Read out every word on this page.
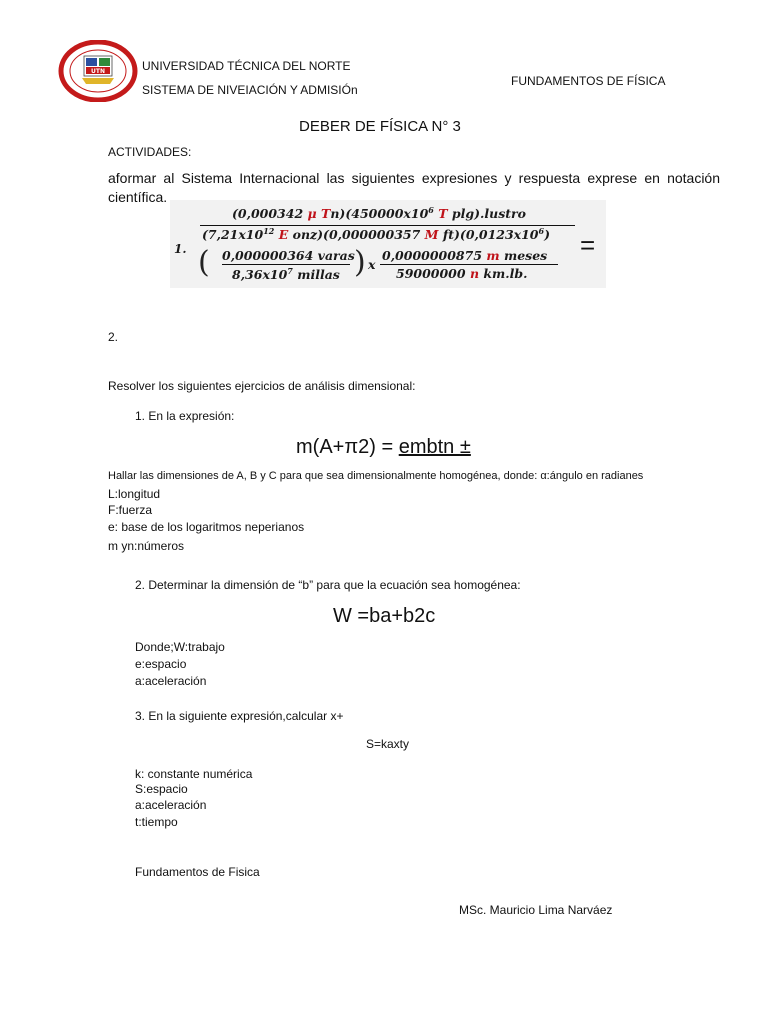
UTN	UNIVERSIDAD TÉCNICA DEL NORTE
SISTEMA DE NIVEIACIÓN Y ADMISIÓn
FUNDAMENTOS DE FÍSICA
DEBER DE FÍSICA N° 3
ACTIVIDADES:
aformar al Sistema Internacional las siguientes expresiones y respuesta exprese en notación científica.
1.
(0,000342 μ $Tn)(450000x10^6$ T plg).lustro
($7,21x10^{12}$ E onz)(0,000000357 M $ft)(0,0123x10^6)$
( 0,000000364 varas
$8,36x10^7$ millas ) x
0,0000000875 m meses
59000000 n km.lb.
=
2.
Resolver los siguientes ejercicios de análisis dimensional:
1. En la expresión:
m(A+π2) = embtn ±
Hallar las dimensiones de A, B y C para que sea dimensionalmente homogénea, donde: α:ángulo en radianes
L:longitud
F:fuerza
e: base de los logaritmos neperianos
m yn:números
2. Determinar la dimensión de “b” para que la ecuación sea homogénea:
W =ba+b2c
Donde;W:trabajo
e:espacio
a:aceleración
3. En la siguiente expresión,calcular x+
S=kaxty
k: constante numérica
S:espacio
a:aceleración
t:tiempo
Fundamentos de Fisica
MSc. Mauricio Lima Narváez
